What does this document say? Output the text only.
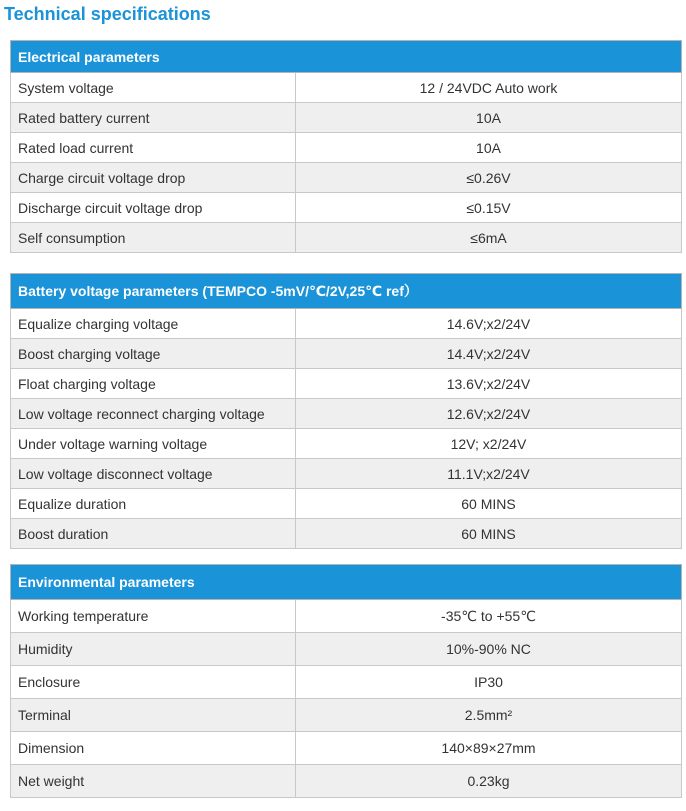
Technical specifications
Electrical parameters	
System voltage	12 / 24VDC Auto work
Rated battery current	10A
Rated load current	10A
Charge circuit voltage drop	≤0.26V
Discharge circuit voltage drop	≤0.15V
Self consumption	≤6mA
Battery voltage parameters (TEMPCO -5mV/℃/2V,25℃ ref）	
Equalize charging voltage	14.6V;x2/24V
Boost charging voltage	14.4V;x2/24V
Float charging voltage	13.6V;x2/24V
Low voltage reconnect charging voltage	12.6V;x2/24V
Under voltage warning voltage	12V; x2/24V
Low voltage disconnect voltage	11.1V;x2/24V
Equalize duration	60 MINS
Boost duration	60 MINS
Environmental parameters	
Working temperature	-35℃ to +55℃
Humidity	10%-90% NC
Enclosure	IP30
Terminal	2.5mm²
Dimension	140×89×27mm
Net weight	0.23kg
